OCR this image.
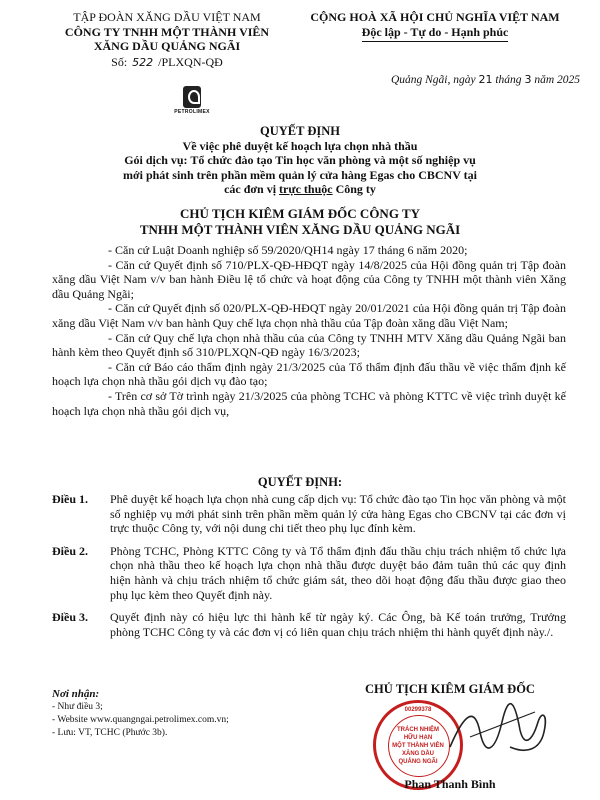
TẬP ĐOÀN XĂNG DẦU VIỆT NAM
CÔNG TY TNHH MỘT THÀNH VIÊN
XĂNG DẦU QUẢNG NGÃI
Số: 522 /PLXQN-QĐ
CỘNG HOÀ XÃ HỘI CHỦ NGHĨA VIỆT NAM
Độc lập - Tự do - Hạnh phúc
Quảng Ngãi, ngày 21 tháng 3 năm 2025
PETROLIMEX
QUYẾT ĐỊNH
Về việc phê duyệt kế hoạch lựa chọn nhà thầu
Gói dịch vụ: Tổ chức đào tạo Tin học văn phòng và một số nghiệp vụ
mới phát sinh trên phần mềm quản lý cửa hàng Egas cho CBCNV tại
các đơn vị trực thuộc Công ty
CHỦ TỊCH KIÊM GIÁM ĐỐC CÔNG TY
TNHH MỘT THÀNH VIÊN XĂNG DẦU QUẢNG NGÃI

- Căn cứ Luật Doanh nghiệp số 59/2020/QH14 ngày 17 tháng 6 năm 2020;

- Căn cứ Quyết định số 710/PLX-QĐ-HĐQT ngày 14/8/2025 của Hội đồng quản trị Tập đoàn xăng dầu Việt Nam v/v ban hành Điều lệ tổ chức và hoạt động của Công ty TNHH một thành viên Xăng dầu Quảng Ngãi;

- Căn cứ Quyết định số 020/PLX-QĐ-HĐQT ngày 20/01/2021 của Hội đồng quản trị Tập đoàn xăng dầu Việt Nam v/v ban hành Quy chế lựa chọn nhà thầu của Tập đoàn xăng dầu Việt Nam;

- Căn cứ Quy chế lựa chọn nhà thầu của của Công ty TNHH MTV Xăng dầu Quảng Ngãi ban hành kèm theo Quyết định số 310/PLXQN-QĐ ngày 16/3/2023;

- Căn cứ Báo cáo thẩm định ngày 21/3/2025 của Tổ thẩm định đấu thầu về việc thẩm định kế hoạch lựa chọn nhà thầu gói dịch vụ đào tạo;

- Trên cơ sở Tờ trình ngày 21/3/2025 của phòng TCHC và phòng KTTC về việc trình duyệt kế hoạch lựa chọn nhà thầu gói dịch vụ,

QUYẾT ĐỊNH:
Điều 1.	Phê duyệt kế hoạch lựa chọn nhà cung cấp dịch vụ: Tổ chức đào tạo Tin học văn phòng và một số nghiệp vụ mới phát sinh trên phần mềm quản lý cửa hàng Egas cho CBCNV tại các đơn vị trực thuộc Công ty, với nội dung chi tiết theo phụ lục đính kèm.
Điều 2.	Phòng TCHC, Phòng KTTC Công ty và Tổ thẩm định đấu thầu chịu trách nhiệm tổ chức lựa chọn nhà thầu theo kế hoạch lựa chọn nhà thầu được duyệt bảo đảm tuân thủ các quy định hiện hành và chịu trách nhiệm tổ chức giám sát, theo dõi hoạt động đấu thầu được giao theo phụ lục kèm theo Quyết định này.
Điều 3.	Quyết định này có hiệu lực thi hành kể từ ngày ký. Các Ông, bà Kế toán trưởng, Trưởng phòng TCHC Công ty và các đơn vị có liên quan chịu trách nhiệm thi hành quyết định này./.
Nơi nhận:
- Như điều 3;
- Website www.quangngai.petrolimex.com.vn;
- Lưu: VT, TCHC (Phước 3b).
CHỦ TỊCH KIÊM GIÁM ĐỐC
00299378
TRÁCH NHIỆM
HỮU HẠN
MỘT THÀNH VIÊN
XĂNG DẦU
QUẢNG NGÃI
Phan Thanh Bình
